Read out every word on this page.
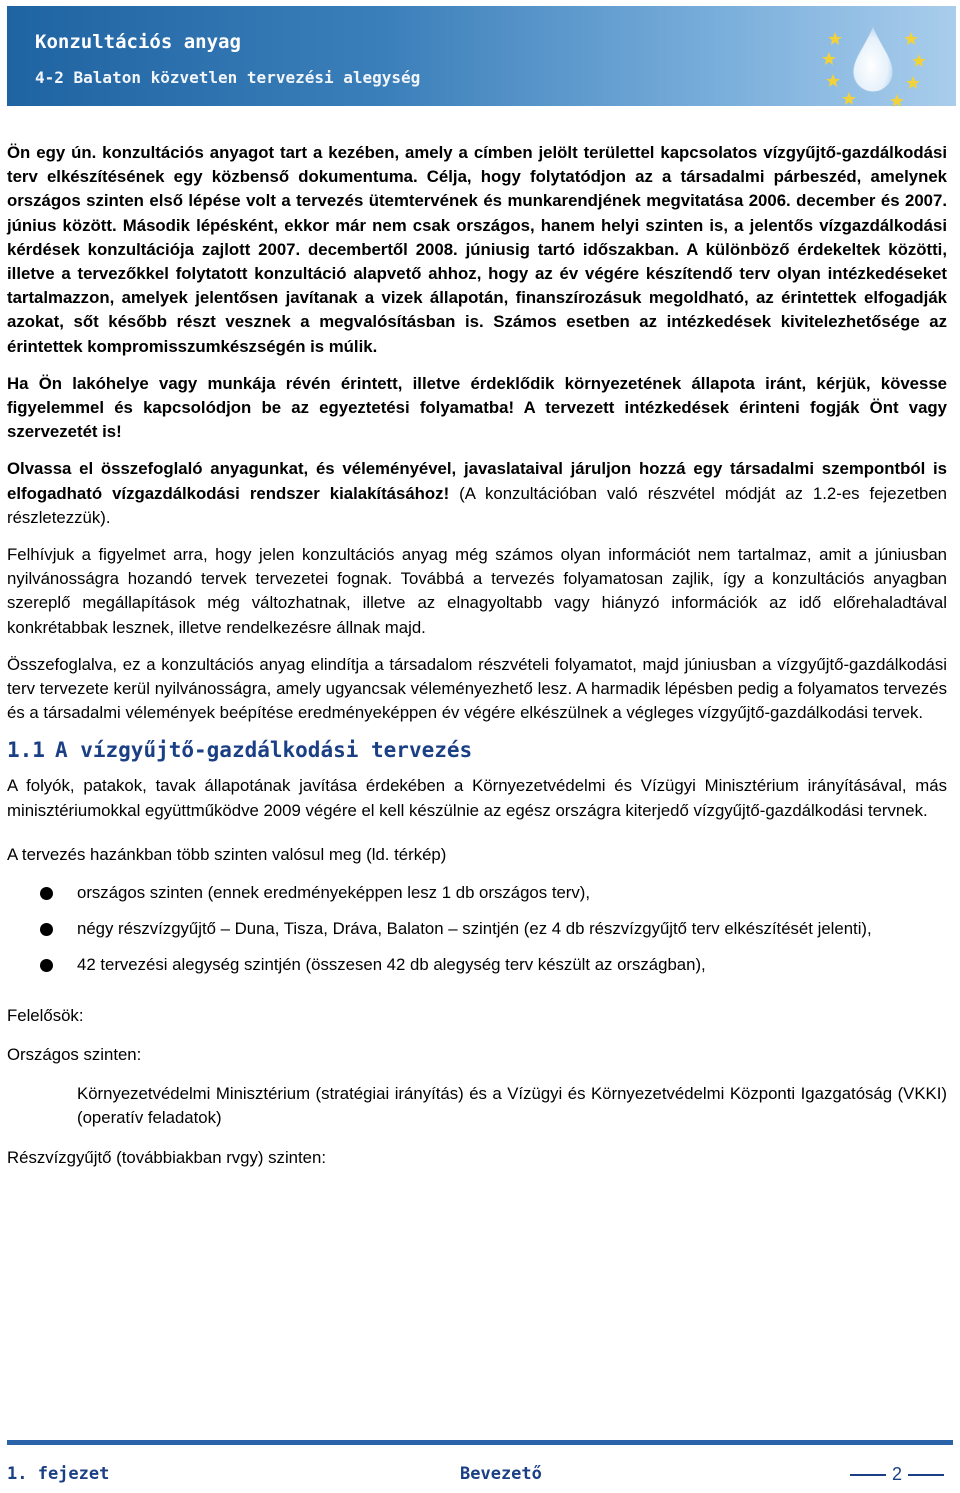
Konzultációs anyag
4-2 Balaton közvetlen tervezési alegység

Ön egy ún. konzultációs anyagot tart a kezében, amely a címben jelölt területtel kapcsolatos vízgyűjtő-gazdálkodási terv elkészítésének egy közbenső dokumentuma. Célja, hogy folytatódjon az a társadalmi párbeszéd, amelynek országos szinten első lépése volt a tervezés ütemtervének és munkarendjének megvitatása 2006. december és 2007. június között. Második lépésként, ekkor már nem csak országos, hanem helyi szinten is, a jelentős vízgazdálkodási kérdések konzultációja zajlott 2007. decembertől 2008. júniusig tartó időszakban. A különböző érdekeltek közötti, illetve a tervezőkkel folytatott konzultáció alapvető ahhoz, hogy az év végére készítendő terv olyan intézkedéseket tartalmazzon, amelyek jelentősen javítanak a vizek állapotán, finanszírozásuk megoldható, az érintettek elfogadják azokat, sőt később részt vesznek a megvalósításban is. Számos esetben az intézkedések kivitelezhetősége az érintettek kompromisszumkészségén is múlik.

Ha Ön lakóhelye vagy munkája révén érintett, illetve érdeklődik környezetének állapota iránt, kérjük, kövesse figyelemmel és kapcsolódjon be az egyeztetési folyamatba! A tervezett intézkedések érinteni fogják Önt vagy szervezetét is!

Olvassa el összefoglaló anyagunkat, és véleményével, javaslataival járuljon hozzá egy társadalmi szempontból is elfogadható vízgazdálkodási rendszer kialakításához! (A konzultációban való részvétel módját az 1.2-es fejezetben részletezzük).

Felhívjuk a figyelmet arra, hogy jelen konzultációs anyag még számos olyan információt nem tartalmaz, amit a júniusban nyilvánosságra hozandó tervek tervezetei fognak. Továbbá a tervezés folyamatosan zajlik, így a konzultációs anyagban szereplő megállapítások még változhatnak, illetve az elnagyoltabb vagy hiányzó információk az idő előrehaladtával konkrétabbak lesznek, illetve rendelkezésre állnak majd.

Összefoglalva, ez a konzultációs anyag elindítja a társadalom részvételi folyamatot, majd júniusban a vízgyűjtő-gazdálkodási terv tervezete kerül nyilvánosságra, amely ugyancsak véleményezhető lesz. A harmadik lépésben pedig a folyamatos tervezés és a társadalmi vélemények beépítése eredményeképpen év végére elkészülnek a végleges vízgyűjtő-gazdálkodási tervek.

1.1 A vízgyűjtő-gazdálkodási tervezés

A folyók, patakok, tavak állapotának javítása érdekében a Környezetvédelmi és Vízügyi Minisztérium irányításával, más minisztériumokkal együttműködve 2009 végére el kell készülnie az egész országra kiterjedő vízgyűjtő-gazdálkodási tervnek.

A tervezés hazánkban több szinten valósul meg (ld. térkép)

országos szinten (ennek eredményeképpen lesz 1 db országos terv),
négy részvízgyűjtő – Duna, Tisza, Dráva, Balaton – szintjén (ez 4 db részvízgyűjtő terv elkészítését jelenti),
42 tervezési alegység szintjén (összesen 42 db alegység terv készült az országban),

Felelősök:

Országos szinten:

Környezetvédelmi Minisztérium (stratégiai irányítás) és a Vízügyi és Környezetvédelmi Központi Igazgatóság (VKKI) (operatív feladatok)

Részvízgyűjtő (továbbiakban rvgy) szinten:

1. fejezet	Bevezető	2
